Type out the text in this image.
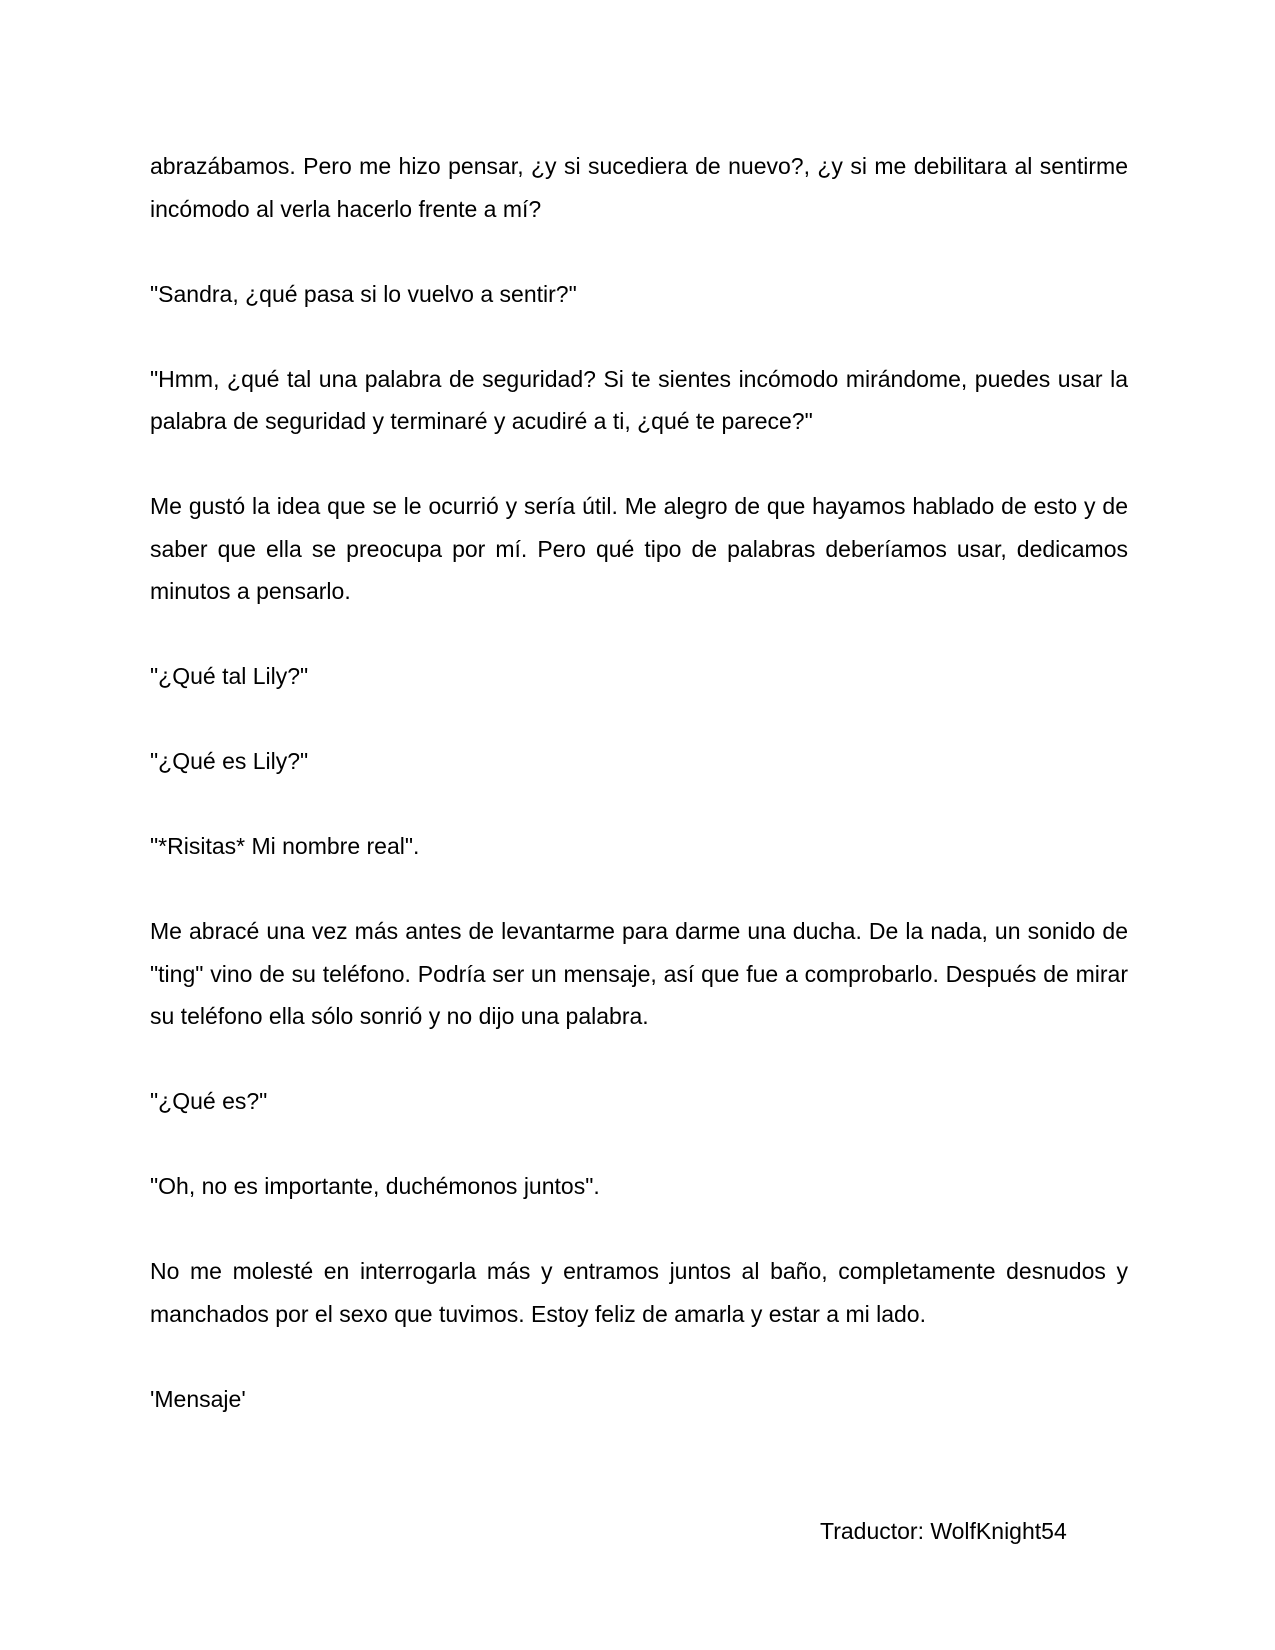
abrazábamos. Pero me hizo pensar, ¿y si sucediera de nuevo?, ¿y si me debilitara al sentirme incómodo al verla hacerlo frente a mí?

"Sandra, ¿qué pasa si lo vuelvo a sentir?"

"Hmm, ¿qué tal una palabra de seguridad? Si te sientes incómodo mirándome, puedes usar la palabra de seguridad y terminaré y acudiré a ti, ¿qué te parece?"

Me gustó la idea que se le ocurrió y sería útil. Me alegro de que hayamos hablado de esto y de saber que ella se preocupa por mí. Pero qué tipo de palabras deberíamos usar, dedicamos minutos a pensarlo.

"¿Qué tal Lily?"

"¿Qué es Lily?"

"*Risitas* Mi nombre real".

Me abracé una vez más antes de levantarme para darme una ducha. De la nada, un sonido de "ting" vino de su teléfono. Podría ser un mensaje, así que fue a comprobarlo. Después de mirar su teléfono ella sólo sonrió y no dijo una palabra.

"¿Qué es?"

"Oh, no es importante, duchémonos juntos".

No me molesté en interrogarla más y entramos juntos al baño, completamente desnudos y manchados por el sexo que tuvimos. Estoy feliz de amarla y estar a mi lado.

'Mensaje'

Traductor: WolfKnight54
